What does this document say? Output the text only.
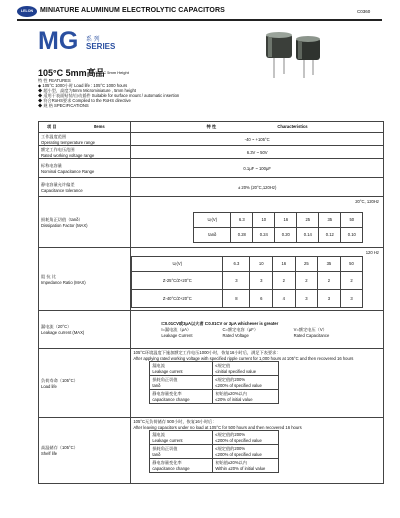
LELON MINIATURE ALUMINUM ELECTROLYTIC CAPACITORS	C0360
MG 系 列
SERIES
105°C 5mm高品
105°C 5mm Height
特 性 FEATURES
◆ 105°C 1000小时 Load life : 105°C 1000 hours
◆ 超小型，高度为5mm Microminiature , 5mm height
◆ 适用于表面贴装/自动插件 Suitable for surface mount / automatic insertion
◆ 符合RoHS要求 Complied to the RoHS directive
◆ 规 格 SPECIFICATIONS
项 目	Items	特 性	Characteristics

工作温度范围
Operating temperature range
	-40 ~ +105°C

额定工作电压范围
Rated working voltage range
	6.3V ~ 50V

标称电容量
Nominal Capacitance Range
	0.1μF ~ 100μF

静电容量允许偏差
Capacitance tolerance
	± 20% (20°C,120Hz)

损耗角正切值（tanδ）
Dissipation Factor (MAX)

20°C, 120Hz
Uᵣ(V)	6.3	10	16	25	35	50
tanδ	0.28	0.24	0.20	0.14	0.12	0.10

阻 抗 比
Impedance Ratio (MAX)

120 Hz
Uᵣ(V)	6.3	10	16	25	35	50
Z-25°C/Z+20°C	3	3	2	2	2	2
Z-40°C/Z+20°C	8	6	4	3	3	3

漏电流（20°C）
Leakage current (MAX)

I=0.01CV或3μA以大者 I=0.01CV or 3μA whichever is greater
I=漏电流（μA）	C=额定电容（μF）	V=额定电压（V）
Leakage Current	Rated Voltage	Rated Capacitance

负荷寿命（105°C）
Load life

105°C环境温度下施加额定工作电压1000小时，恢复16小时后，满足下表要求：
After applying rated working voltage with specified ripple current for 1,000 hours at 105°C and then recovered 16 hours
漏电流
Leakage current

≤规定值
≤initial specified value

损耗角正切值
tanδ

≤规定值的200%
≤200% of specified value

静电容量变化率
capacitance change

初始值±20%以内
≤20% of initial value

高温储存（105°C）
Shelf life

105°C无负荷储存 500小时，恢复16小时后：
After leaving capacitors under no load at 105°C for 500 hours and then recovered 16 hours
漏电流
Leakage current

≤规定值的200%
≤200% of specified value

损耗角正切值
tanδ

≤规定值的200%
≤200% of specified value

静电容量变化率
capacitance change

初始值±20%以内
Within ±20% of initial value
